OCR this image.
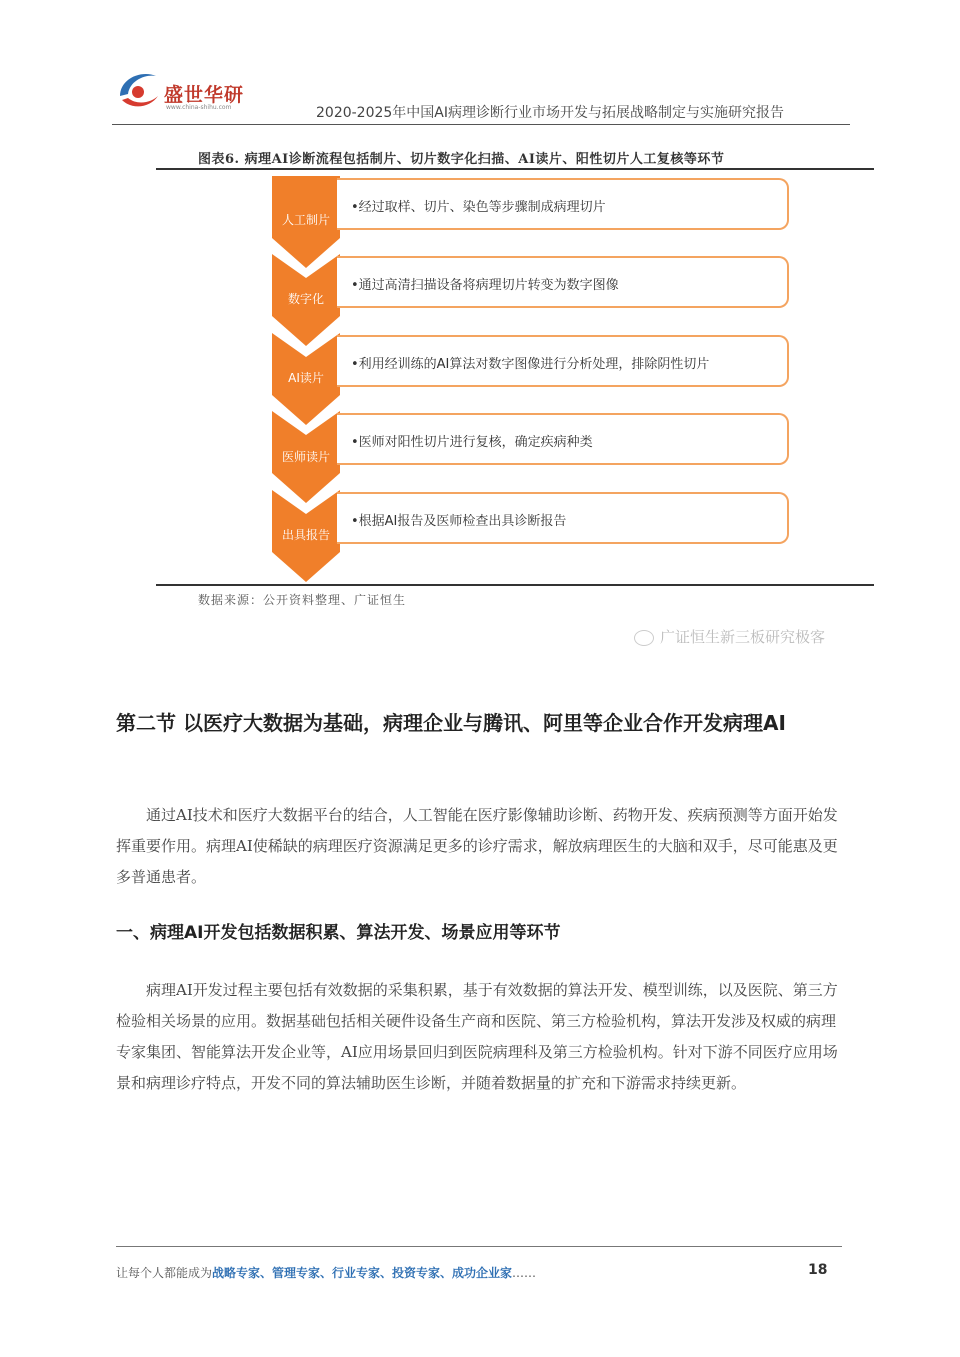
盛世华研
www.china-shihu.com	2020-2025年中国AI病理诊断行业市场开发与拓展战略制定与实施研究报告
图表6. 病理AI诊断流程包括制片、切片数字化扫描、AI读片、阳性切片人工复核等环节
人工制片
•经过取样、切片、染色等步骤制成病理切片
数字化
•通过高清扫描设备将病理切片转变为数字图像
AI读片
•利用经训练的AI算法对数字图像进行分析处理，排除阴性切片
医师读片
•医师对阳性切片进行复核，确定疾病种类
出具报告
•根据AI报告及医师检查出具诊断报告
数据来源：公开资料整理、广证恒生
广证恒生新三板研究极客
第二节 以医疗大数据为基础，病理企业与腾讯、阿里等企业合作开发病理AI
通过AI技术和医疗大数据平台的结合，人工智能在医疗影像辅助诊断、药物开发、疾病预测等方面开始发挥重要作用。病理AI使稀缺的病理医疗资源满足更多的诊疗需求，解放病理医生的大脑和双手，尽可能惠及更多普通患者。
一、病理AI开发包括数据积累、算法开发、场景应用等环节
病理AI开发过程主要包括有效数据的采集积累，基于有效数据的算法开发、模型训练，以及医院、第三方检验相关场景的应用。数据基础包括相关硬件设备生产商和医院、第三方检验机构，算法开发涉及权威的病理专家集团、智能算法开发企业等，AI应用场景回归到医院病理科及第三方检验机构。针对下游不同医疗应用场景和病理诊疗特点，开发不同的算法辅助医生诊断，并随着数据量的扩充和下游需求持续更新。
让每个人都能成为战略专家、管理专家、行业专家、投资专家、成功企业家……	18
